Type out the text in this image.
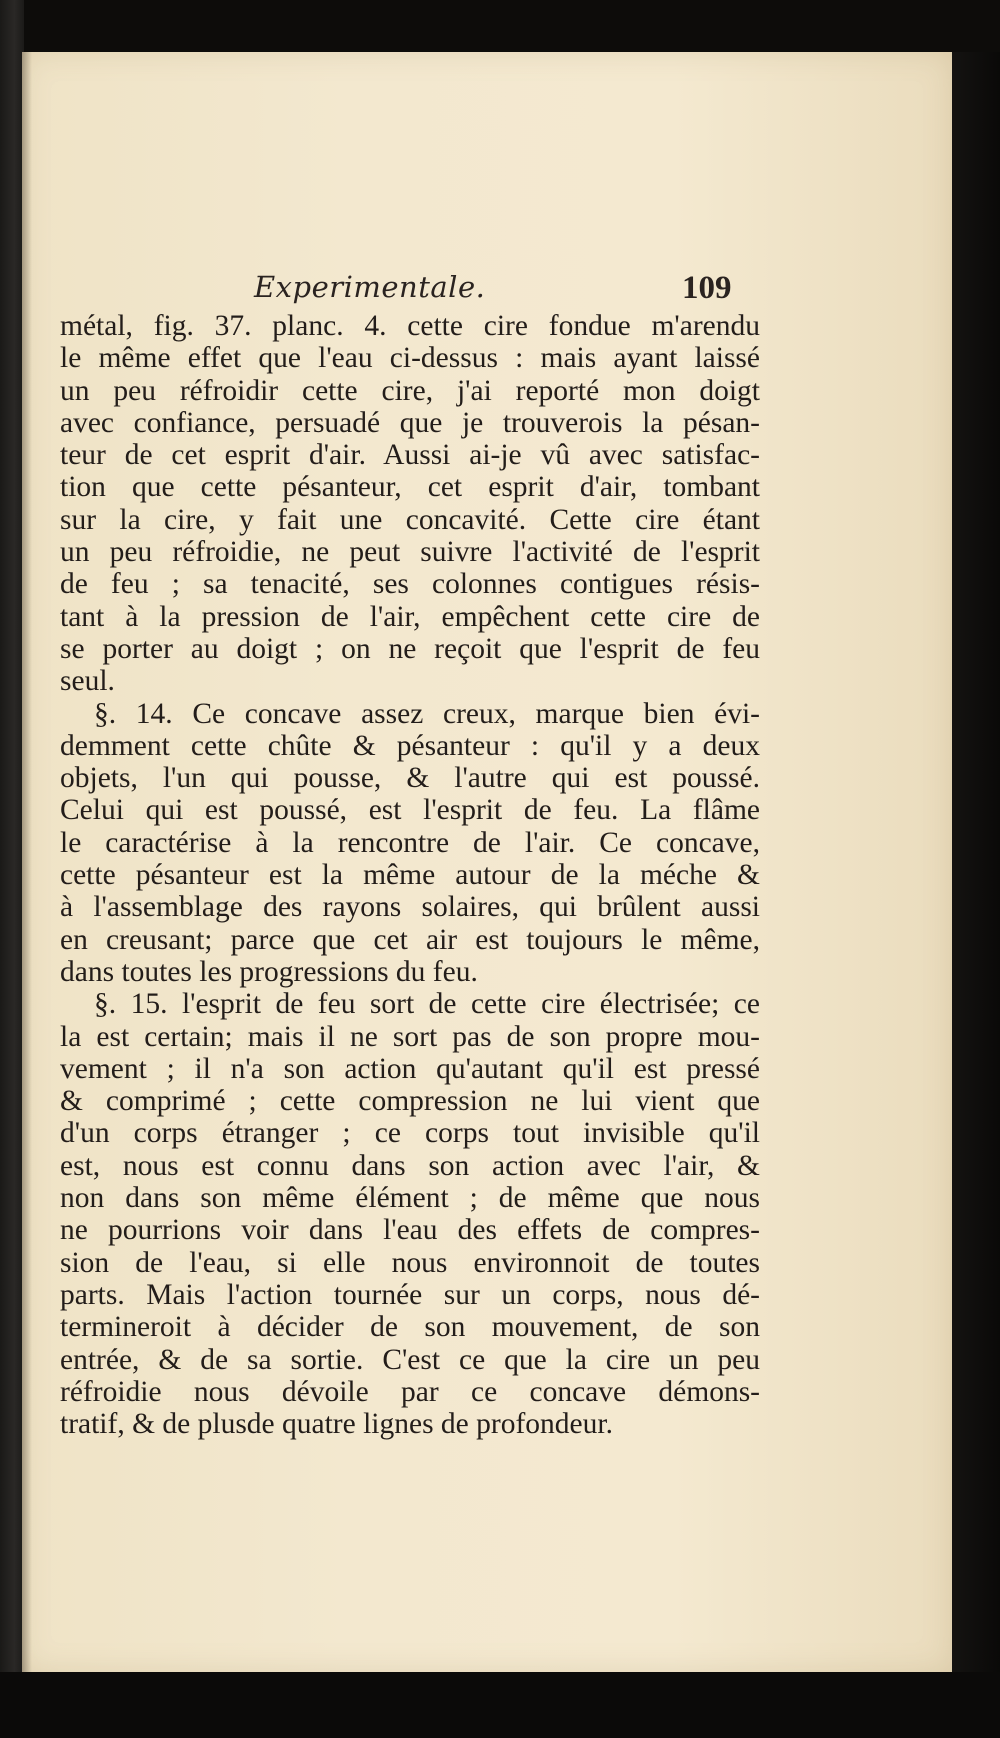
Experimentale.	109
métal, fig. 37. planc. 4. cette cire fondue m'arendu
le même effet que l'eau ci-dessus : mais ayant laissé
un peu réfroidir cette cire, j'ai reporté mon doigt
avec confiance, persuadé que je trouverois la pésan-
teur de cet esprit d'air. Aussi ai-je vû avec satisfac-
tion que cette pésanteur, cet esprit d'air, tombant
sur la cire, y fait une concavité. Cette cire étant
un peu réfroidie, ne peut suivre l'activité de l'esprit
de feu ; sa tenacité, ses colonnes contigues résis-
tant à la pression de l'air, empêchent cette cire de
se porter au doigt ; on ne reçoit que l'esprit de feu
seul.
§. 14. Ce concave assez creux, marque bien évi-
demment cette chûte & pésanteur : qu'il y a deux
objets, l'un qui pousse, & l'autre qui est poussé.
Celui qui est poussé, est l'esprit de feu. La flâme
le caractérise à la rencontre de l'air. Ce concave,
cette pésanteur est la même autour de la méche &
à l'assemblage des rayons solaires, qui brûlent aussi
en creusant; parce que cet air est toujours le même,
dans toutes les progressions du feu.
§. 15. l'esprit de feu sort de cette cire électrisée; ce
la est certain; mais il ne sort pas de son propre mou-
vement ; il n'a son action qu'autant qu'il est pressé
& comprimé ; cette compression ne lui vient que
d'un corps étranger ; ce corps tout invisible qu'il
est, nous est connu dans son action avec l'air, &
non dans son même élément ; de même que nous
ne pourrions voir dans l'eau des effets de compres-
sion de l'eau, si elle nous environnoit de toutes
parts. Mais l'action tournée sur un corps, nous dé-
termineroit à décider de son mouvement, de son
entrée, & de sa sortie. C'est ce que la cire un peu
réfroidie nous dévoile par ce concave démons-
tratif, & de plusde quatre lignes de profondeur.
